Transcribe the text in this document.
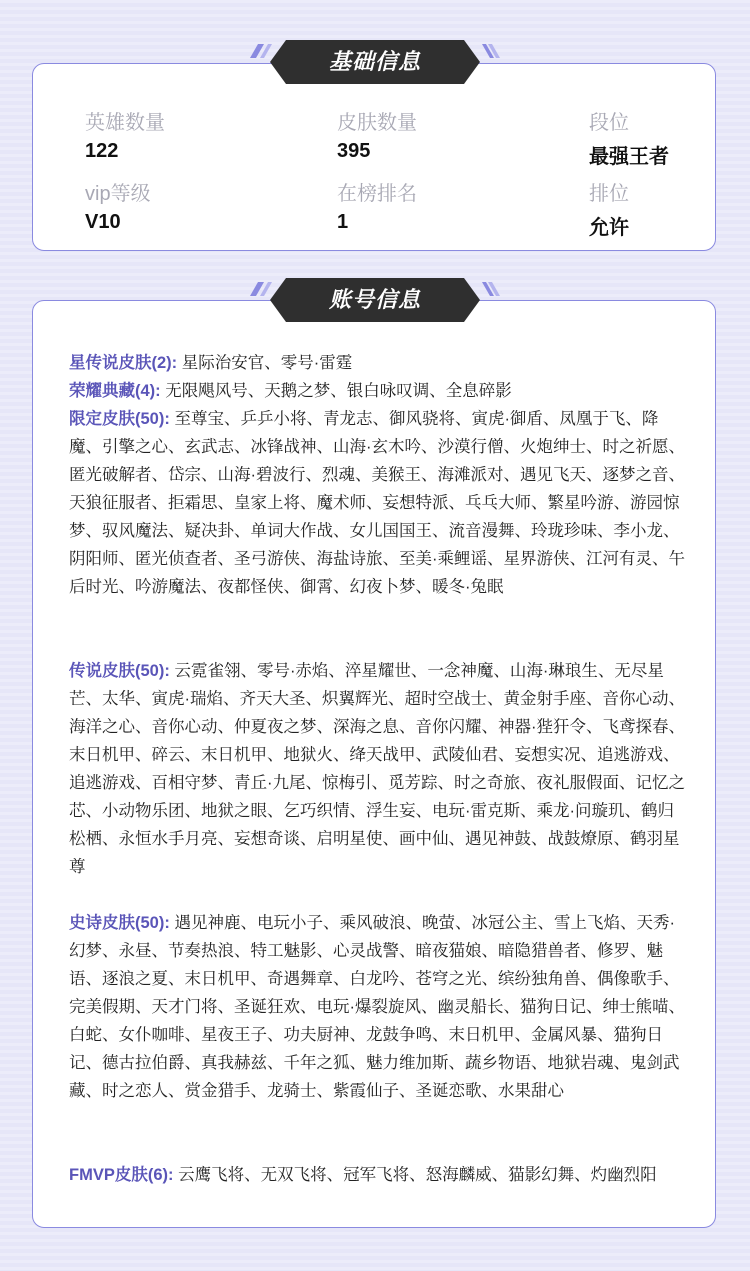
英雄数量
122
皮肤数量
395
段位
最强王者
vip等级
V10
在榜排名
1
排位
允许
基础信息
星传说皮肤(2): 星际治安官、零号·雷霆
荣耀典藏(4): 无限飓风号、天鹅之梦、银白咏叹调、全息碎影
限定皮肤(50): 至尊宝、乒乒小将、青龙志、御风骁将、寅虎·御盾、凤凰于飞、降魔、引擎之心、玄武志、冰锋战神、山海·玄木吟、沙漠行僧、火炮绅士、时之祈愿、匿光破解者、岱宗、山海·碧波行、烈魂、美猴王、海滩派对、遇见飞天、逐梦之音、天狼征服者、拒霜思、皇家上将、魔术师、妄想特派、乓乓大师、繁星吟游、游园惊梦、驭风魔法、疑决卦、单词大作战、女儿国国王、流音漫舞、玲珑珍味、李小龙、阴阳师、匿光侦查者、圣弓游侠、海盐诗旅、至美·乘鲤谣、星界游侠、江河有灵、午后时光、吟游魔法、夜都怪侠、御霄、幻夜卜梦、暖冬·兔眠
传说皮肤(50): 云霓雀翎、零号·赤焰、淬星耀世、一念神魔、山海·琳琅生、无尽星芒、太华、寅虎·瑞焰、齐天大圣、炽翼辉光、超时空战士、黄金射手座、音你心动、海洋之心、音你心动、仲夏夜之梦、深海之息、音你闪耀、神器·狴犴令、飞鸢探春、末日机甲、碎云、末日机甲、地狱火、绛天战甲、武陵仙君、妄想实况、追逃游戏、追逃游戏、百相守梦、青丘·九尾、惊梅引、觅芳踪、时之奇旅、夜礼服假面、记忆之芯、小动物乐团、地狱之眼、乞巧织情、浮生妄、电玩·雷克斯、乘龙·问璇玑、鹤归松栖、永恒水手月亮、妄想奇谈、启明星使、画中仙、遇见神鼓、战鼓燎原、鹤羽星尊
史诗皮肤(50): 遇见神鹿、电玩小子、乘风破浪、晚萤、冰冠公主、雪上飞焰、天秀·幻梦、永昼、节奏热浪、特工魅影、心灵战警、暗夜猫娘、暗隐猎兽者、修罗、魅语、逐浪之夏、末日机甲、奇遇舞章、白龙吟、苍穹之光、缤纷独角兽、偶像歌手、完美假期、天才门将、圣诞狂欢、电玩·爆裂旋风、幽灵船长、猫狗日记、绅士熊喵、白蛇、女仆咖啡、星夜王子、功夫厨神、龙鼓争鸣、末日机甲、金属风暴、猫狗日记、德古拉伯爵、真我赫兹、千年之狐、魅力维加斯、蔬乡物语、地狱岩魂、鬼剑武藏、时之恋人、赏金猎手、龙骑士、紫霞仙子、圣诞恋歌、水果甜心
FMVP皮肤(6): 云鹰飞将、无双飞将、冠军飞将、怒海麟威、猫影幻舞、灼幽烈阳
账号信息
